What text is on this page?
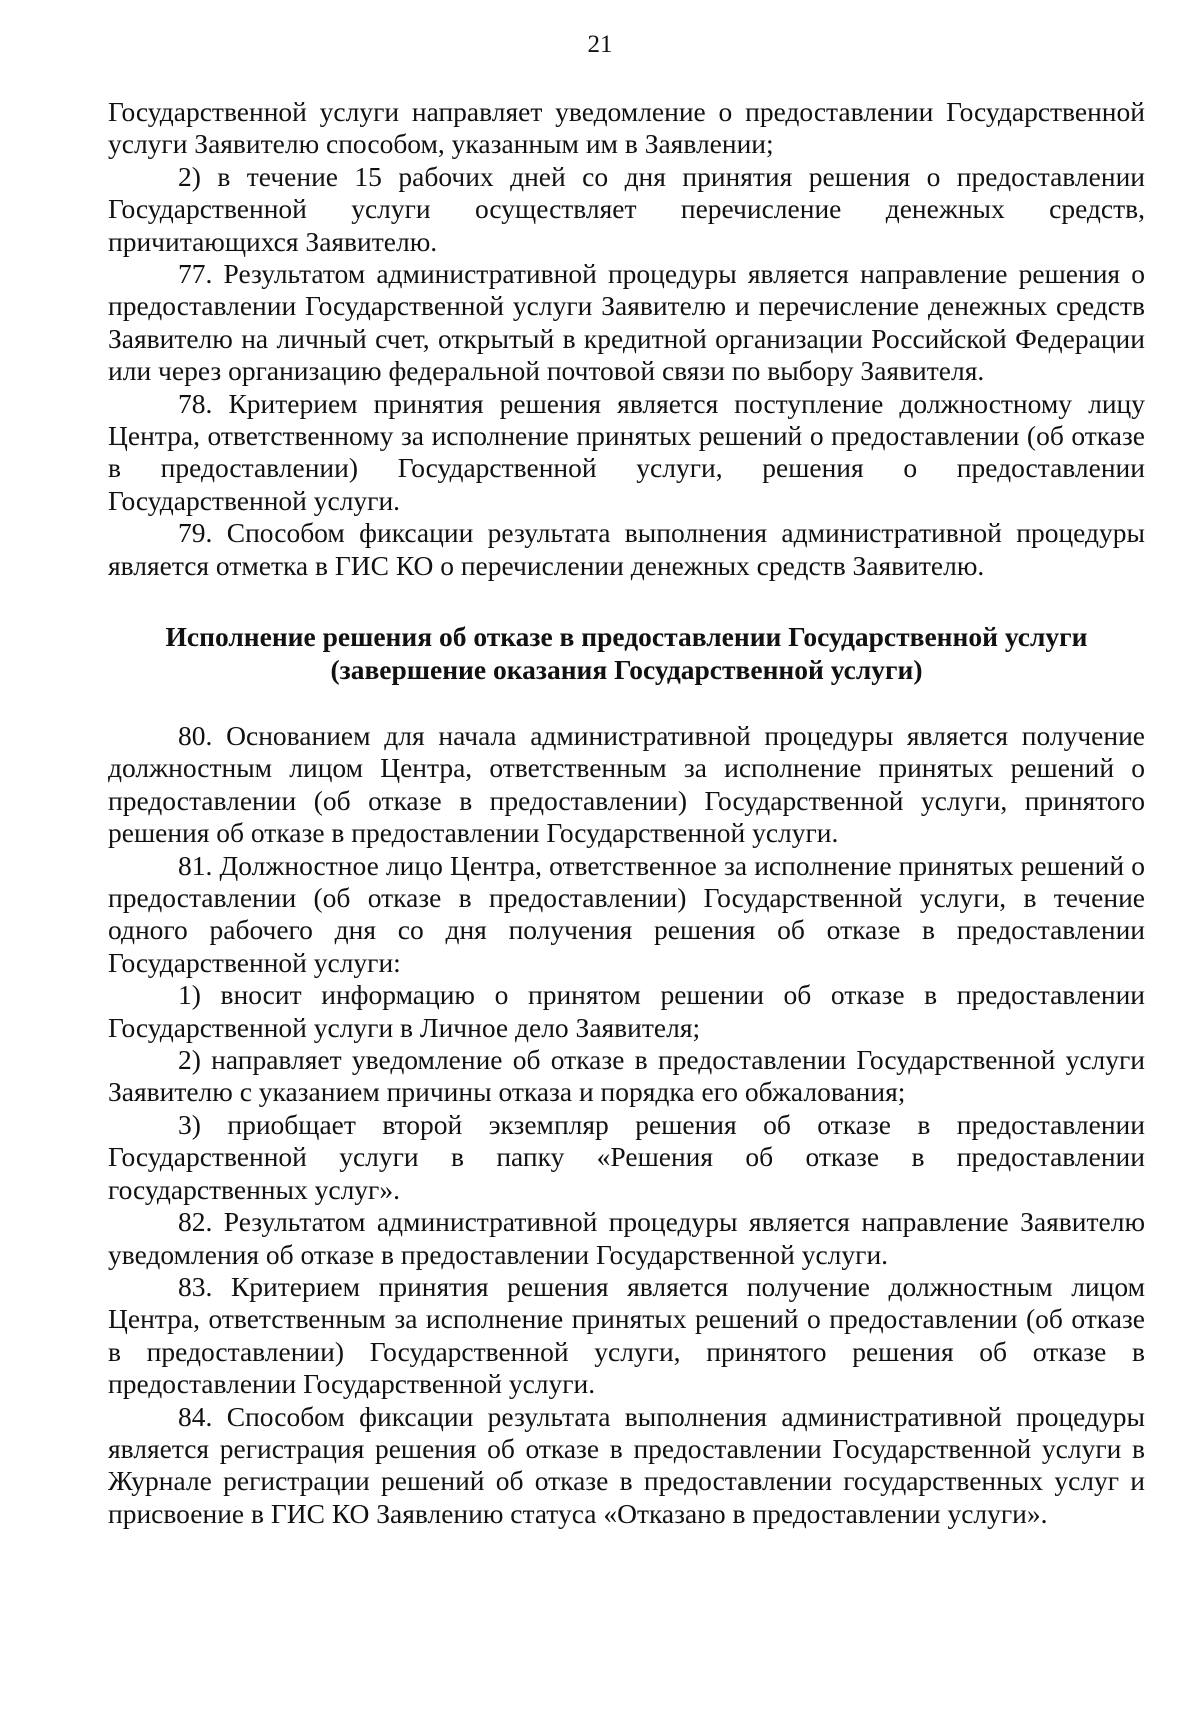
21

Государственной услуги направляет уведомление о предоставлении Государственной услуги Заявителю способом, указанным им в Заявлении;

2) в течение 15 рабочих дней со дня принятия решения о предоставлении Государственной услуги осуществляет перечисление денежных средств, причитающихся Заявителю.

77. Результатом административной процедуры является направление решения о предоставлении Государственной услуги Заявителю и перечисление денежных средств Заявителю на личный счет, открытый в кредитной организации Российской Федерации или через организацию федеральной почтовой связи по выбору Заявителя.

78. Критерием принятия решения является поступление должностному лицу Центра, ответственному за исполнение принятых решений о предоставлении (об отказе в предоставлении) Государственной услуги, решения о предоставлении Государственной услуги.

79. Способом фиксации результата выполнения административной процедуры является отметка в ГИС КО о перечислении денежных средств Заявителю.

Исполнение решения об отказе в предоставлении Государственной услуги
(завершение оказания Государственной услуги)

80. Основанием для начала административной процедуры является получение должностным лицом Центра, ответственным за исполнение принятых решений о предоставлении (об отказе в предоставлении) Государственной услуги, принятого решения об отказе в предоставлении Государственной услуги.

81. Должностное лицо Центра, ответственное за исполнение принятых решений о предоставлении (об отказе в предоставлении) Государственной услуги, в течение одного рабочего дня со дня получения решения об отказе в предоставлении Государственной услуги:

1) вносит информацию о принятом решении об отказе в предоставлении Государственной услуги в Личное дело Заявителя;

2) направляет уведомление об отказе в предоставлении Государственной услуги Заявителю с указанием причины отказа и порядка его обжалования;

3) приобщает второй экземпляр решения об отказе в предоставлении Государственной услуги в папку «Решения об отказе в предоставлении государственных услуг».

82. Результатом административной процедуры является направление Заявителю уведомления об отказе в предоставлении Государственной услуги.

83. Критерием принятия решения является получение должностным лицом Центра, ответственным за исполнение принятых решений о предоставлении (об отказе в предоставлении) Государственной услуги, принятого решения об отказе в предоставлении Государственной услуги.

84. Способом фиксации результата выполнения административной процедуры является регистрация решения об отказе в предоставлении Государственной услуги в Журнале регистрации решений об отказе в предоставлении государственных услуг и присвоение в ГИС КО Заявлению статуса «Отказано в предоставлении услуги».
